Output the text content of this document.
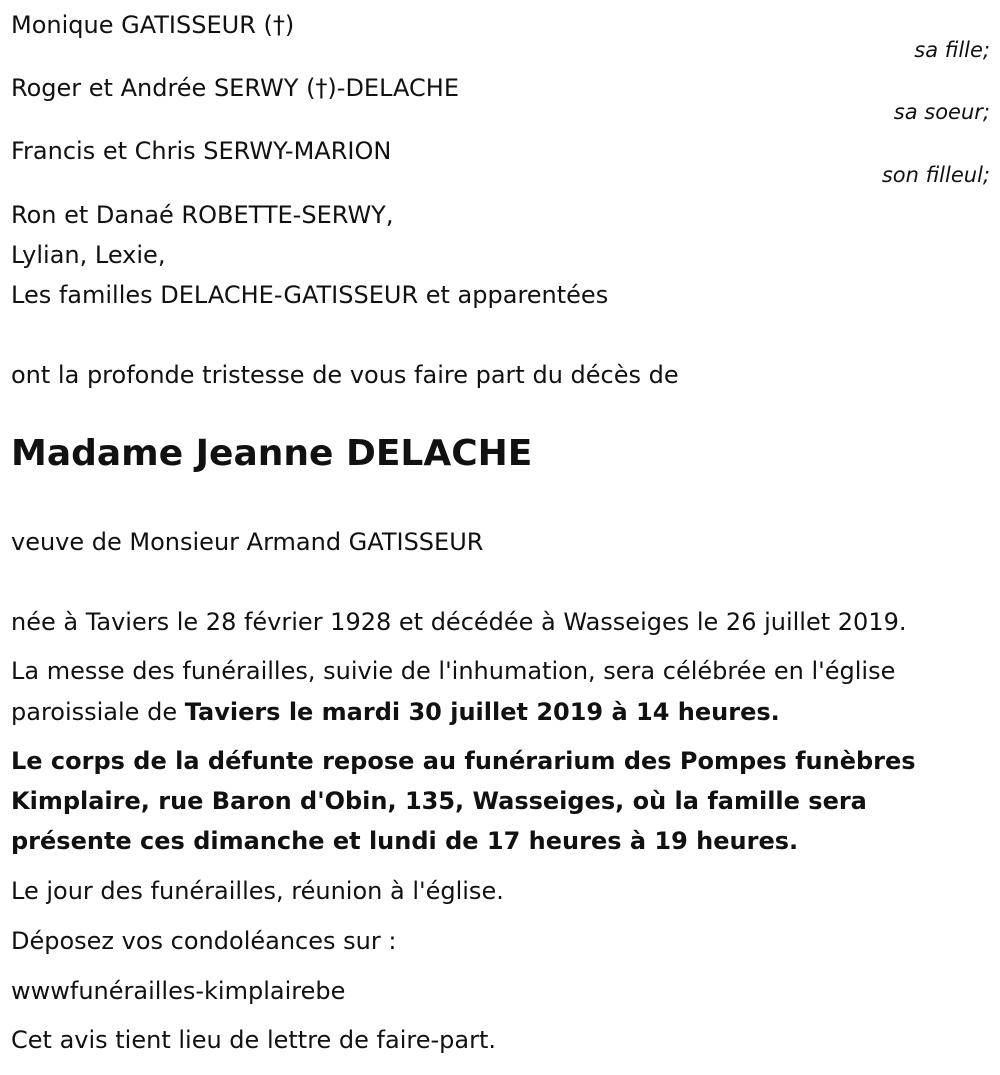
Monique GATISSEUR (†)
sa fille;
Roger et Andrée SERWY (†)-DELACHE
sa soeur;
Francis et Chris SERWY-MARION
son filleul;
Ron et Danaé ROBETTE-SERWY,
Lylian, Lexie,
Les familles DELACHE-GATISSEUR et apparentées
ont la profonde tristesse de vous faire part du décès de
Madame Jeanne DELACHE
veuve de Monsieur Armand GATISSEUR
née à Taviers le 28 février 1928 et décédée à Wasseiges le 26 juillet 2019.
La messe des funérailles, suivie de l'inhumation, sera célébrée en l'église
paroissiale de Taviers le mardi 30 juillet 2019 à 14 heures.
Le corps de la défunte repose au funérarium des Pompes funèbres
Kimplaire, rue Baron d'Obin, 135, Wasseiges, où la famille sera
présente ces dimanche et lundi de 17 heures à 19 heures.
Le jour des funérailles, réunion à l'église.
Déposez vos condoléances sur :
wwwfunérailles-kimplairebe
Cet avis tient lieu de lettre de faire-part.
